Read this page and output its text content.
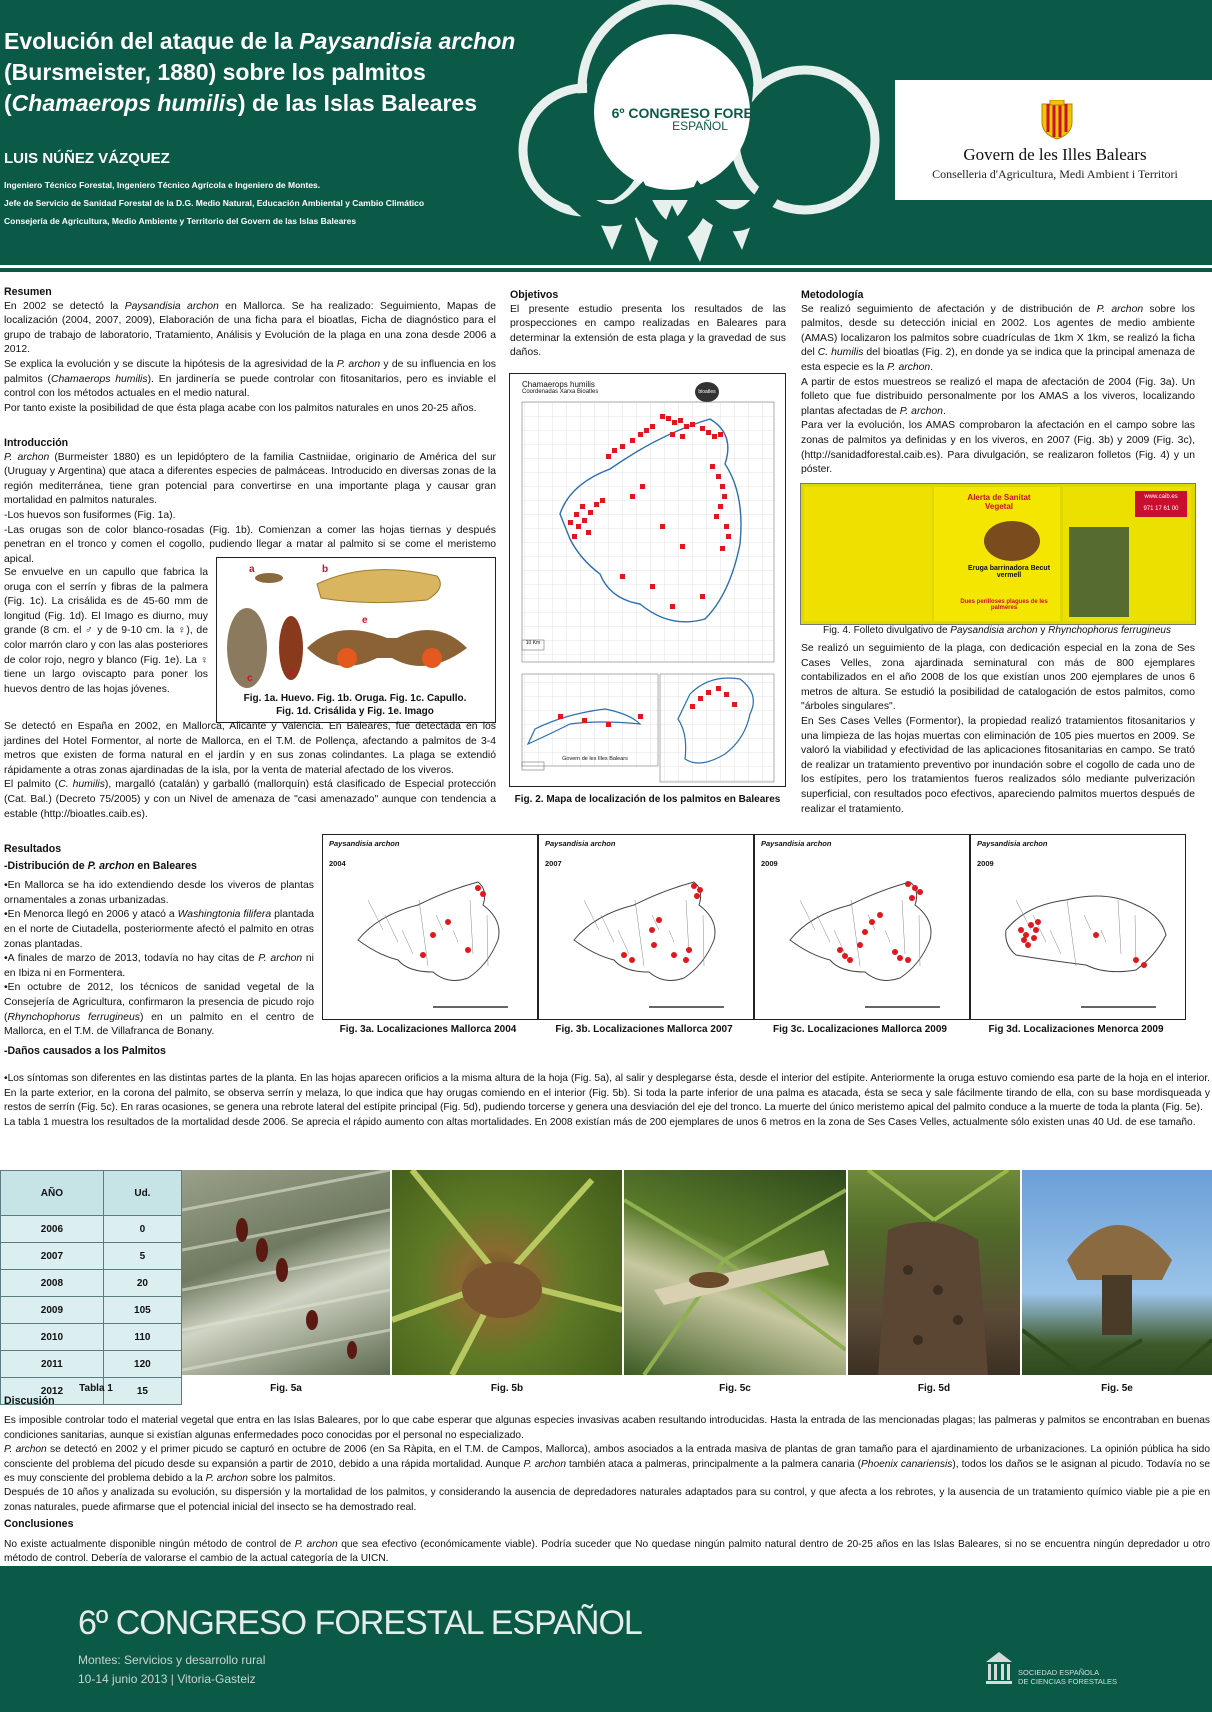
6º CONGRESO FORESTAL
ESPAÑOL
Evolución del ataque de la Paysandisia archon
(Bursmeister, 1880) sobre los palmitos
(Chamaerops humilis) de las Islas Baleares
LUIS NÚÑEZ VÁZQUEZ
Ingeniero Técnico Forestal, Ingeniero Técnico Agrícola e Ingeniero de Montes.
Jefe de Servicio de Sanidad Forestal de la D.G. Medio Natural, Educación Ambiental y Cambio Climático
Consejería de Agricultura, Medio Ambiente y Territorio del Govern de las Islas Baleares
Govern de les Illes Balears
Conselleria d'Agricultura, Medi Ambient i Territori
Resumen

En 2002 se detectó la Paysandisia archon en Mallorca. Se ha realizado: Seguimiento, Mapas de localización (2004, 2007, 2009), Elaboración de una ficha para el bioatlas, Ficha de diagnóstico para el grupo de trabajo de laboratorio, Tratamiento, Análisis y Evolución de la plaga en una zona desde 2006 a 2012.

Se explica la evolución y se discute la hipótesis de la agresividad de la P. archon y de su influencia en los palmitos (Chamaerops humilis). En jardinería se puede controlar con fitosanitarios, pero es inviable el control con los métodos actuales en el medio natural.

Por tanto existe la posibilidad de que ésta plaga acabe con los palmitos naturales en unos 20-25 años.

Introducción

P. archon (Burmeister 1880) es un lepidóptero de la familia Castniidae, originario de América del sur (Uruguay y Argentina) que ataca a diferentes especies de palmáceas. Introducido en diversas zonas de la región mediterránea, tiene gran potencial para convertirse en una importante plaga y causar gran mortalidad en palmitos naturales.

-Los huevos son fusiformes (Fig. 1a).

-Las orugas son de color blanco-rosadas (Fig. 1b). Comienzan a comer las hojas tiernas y después penetran en el tronco y comen el cogollo, pudiendo llegar a matar al palmito si se come el meristemo apical.

Se envuelve en un capullo que fabrica la oruga con el serrín y fibras de la palmera (Fig. 1c). La crisálida es de 45-60 mm de longitud (Fig. 1d). El Imago es diurno, muy grande (8 cm. el ♂ y de 9-10 cm. la ♀), de color marrón claro y con las alas posteriores de color rojo, negro y blanco (Fig. 1e). La ♀ tiene un largo oviscapto para poner los huevos dentro de las hojas jóvenes.
a	b
c	d
e
Fig. 1a. Huevo. Fig. 1b. Oruga. Fig. 1c. Capullo.
Fig. 1d. Crisálida y Fig. 1e. Imago

Se detectó en España en 2002, en Mallorca, Alicante y Valencia. En Baleares, fue detectada en los jardines del Hotel Formentor, al norte de Mallorca, en el T.M. de Pollença, afectando a palmitos de 3-4 metros que existen de forma natural en el jardín y en sus zonas colindantes. La plaga se extendió rápidamente a otras zonas ajardinadas de la isla, por la venta de material afectado de los viveros.

El palmito (C. humilis), margalló (catalán) y garballó (mallorquín) está clasificado de Especial protección (Cat. Bal.) (Decreto 75/2005) y con un Nivel de amenaza de "casi amenazado" aunque con tendencia a estable (http://bioatles.caib.es).

Objetivos

El presente estudio presenta los resultados de las prospecciones en campo realizadas en Baleares para determinar la extensión de esta plaga y la gravedad de sus daños.

Chamaerops humilis
Coordenadas Xarxa Bioatles	bioatles
10 Km
Govern de les Illes Balears
Fig. 2. Mapa de localización de los palmitos en Baleares
Metodología

Se realizó seguimiento de afectación y de distribución de P. archon sobre los palmitos, desde su detección inicial en 2002. Los agentes de medio ambiente (AMAS) localizaron los palmitos sobre cuadrículas de 1km X 1km, se realizó la ficha del C. humilis del bioatlas (Fig. 2), en donde ya se indica que la principal amenaza de esta especie es la P. archon.

A partir de estos muestreos se realizó el mapa de afectación de 2004 (Fig. 3a). Un folleto que fue distribuido personalmente por los AMAS a los viveros, localizando plantas afectadas de P. archon.

Para ver la evolución, los AMAS comprobaron la afectación en el campo sobre las zonas de palmitos ya definidas y en los viveros, en 2007 (Fig. 3b) y 2009 (Fig. 3c), (http://sanidadforestal.caib.es). Para divulgación, se realizaron folletos (Fig. 4) y un póster.

Alerta de Sanitat Vegetal
Eruga barrinadora Becut vermell
Dues perilloses plagues de les palmeres
www.caib.es
971 17 61 00
Fig. 4. Folleto divulgativo de Paysandisia archon y Rhynchophorus ferrugineus

Se realizó un seguimiento de la plaga, con dedicación especial en la zona de Ses Cases Velles, zona ajardinada seminatural con más de 800 ejemplares contabilizados en el año 2008 de los que existían unos 200 ejemplares de unos 6 metros de altura. Se estudió la posibilidad de catalogación de estos palmitos, como "árboles singulares".

En Ses Cases Velles (Formentor), la propiedad realizó tratamientos fitosanitarios y una limpieza de las hojas muertas con eliminación de 105 pies muertos en 2009. Se valoró la viabilidad y efectividad de las aplicaciones fitosanitarias en campo. Se trató de realizar un tratamiento preventivo por inundación sobre el cogollo de cada uno de los estípites, pero los tratamientos fueros realizados sólo mediante pulverización superficial, con resultados poco efectivos, apareciendo palmitos muertos después de realizar el tratamiento.

Resultados
-Distribución de P. archon en Baleares

•En Mallorca se ha ido extendiendo desde los viveros de plantas ornamentales a zonas urbanizadas.

•En Menorca llegó en 2006 y atacó a Washingtonia filifera plantada en el norte de Ciutadella, posteriormente afectó el palmito en otras zonas plantadas.

•A finales de marzo de 2013, todavía no hay citas de P. archon ni en Ibiza ni en Formentera.

•En octubre de 2012, los técnicos de sanidad vegetal de la Consejería de Agricultura, confirmaron la presencia de picudo rojo (Rhynchophorus ferrugineus) en un palmito en el centro de Mallorca, en el T.M. de Villafranca de Bonany.

-Daños causados a los Palmitos
Paysandisia archon
2004
Fig. 3a. Localizaciones Mallorca 2004
Paysandisia archon
2007
Fig. 3b. Localizaciones Mallorca 2007
Paysandisia archon
2009
Fig 3c. Localizaciones Mallorca 2009
Paysandisia archon
2009
Fig 3d. Localizaciones Menorca 2009

•Los síntomas son diferentes en las distintas partes de la planta. En las hojas aparecen orificios a la misma altura de la hoja (Fig. 5a), al salir y desplegarse ésta, desde el interior del estípite. Anteriormente la oruga estuvo comiendo esa parte de la hoja en el interior. En la parte exterior, en la corona del palmito, se observa serrín y melaza, lo que indica que hay orugas comiendo en el interior (Fig. 5b). Si toda la parte inferior de una palma es atacada, ésta se seca y sale fácilmente tirando de ella, con su base mordisqueada y restos de serrín (Fig. 5c). En raras ocasiones, se genera una rebrote lateral del estípite principal (Fig. 5d), pudiendo torcerse y genera una desviación del eje del tronco. La muerte del único meristemo apical del palmito conduce a la muerte de toda la planta (Fig. 5e).

La tabla 1 muestra los resultados de la mortalidad desde 2006. Se aprecia el rápido aumento con altas mortalidades. En 2008 existían más de 200 ejemplares de unos 6 metros en la zona de Ses Cases Velles, actualmente sólo existen unas 40 Ud. de ese tamaño.

AÑO	Ud.
2006	0
2007	5
2008	20
2009	105
2010	110
2011	120
2012	15
Tabla 1	Fig. 5a	Fig. 5b	Fig. 5c	Fig. 5d	Fig. 5e
Discusión

Es imposible controlar todo el material vegetal que entra en las Islas Baleares, por lo que cabe esperar que algunas especies invasivas acaben resultando introducidas. Hasta la entrada de las mencionadas plagas; las palmeras y palmitos se encontraban en buenas condiciones sanitarias, aunque si existían algunas enfermedades poco conocidas por el personal no especializado.

P. archon se detectó en 2002 y el primer picudo se capturó en octubre de 2006 (en Sa Ràpita, en el T.M. de Campos, Mallorca), ambos asociados a la entrada masiva de plantas de gran tamaño para el ajardinamiento de urbanizaciones. La opinión pública ha sido consciente del problema del picudo desde su expansión a partir de 2010, debido a una rápida mortalidad. Aunque P. archon también ataca a palmeras, principalmente a la palmera canaria (Phoenix canariensis), todos los daños se le asignan al picudo. Todavía no se es muy consciente del problema debido a la P. archon sobre los palmitos.

Después de 10 años y analizada su evolución, su dispersión y la mortalidad de los palmitos, y considerando la ausencia de depredadores naturales adaptados para su control, y que afecta a los rebrotes, y la ausencia de un tratamiento químico viable pie a pie en zonas naturales, puede afirmarse que el potencial inicial del insecto se ha demostrado real.

Conclusiones

No existe actualmente disponible ningún método de control de P. archon que sea efectivo (económicamente viable). Podría suceder que No quedase ningún palmito natural dentro de 20-25 años en las Islas Baleares, si no se encuentra ningún depredador u otro método de control. Debería de valorarse el cambio de la actual categoría de la UICN.

6º CONGRESO FORESTAL ESPAÑOL
Montes: Servicios y desarrollo rural
10-14 junio 2013 | Vitoria-Gasteiz	SOCIEDAD ESPAÑOLA
DE CIENCIAS FORESTALES
